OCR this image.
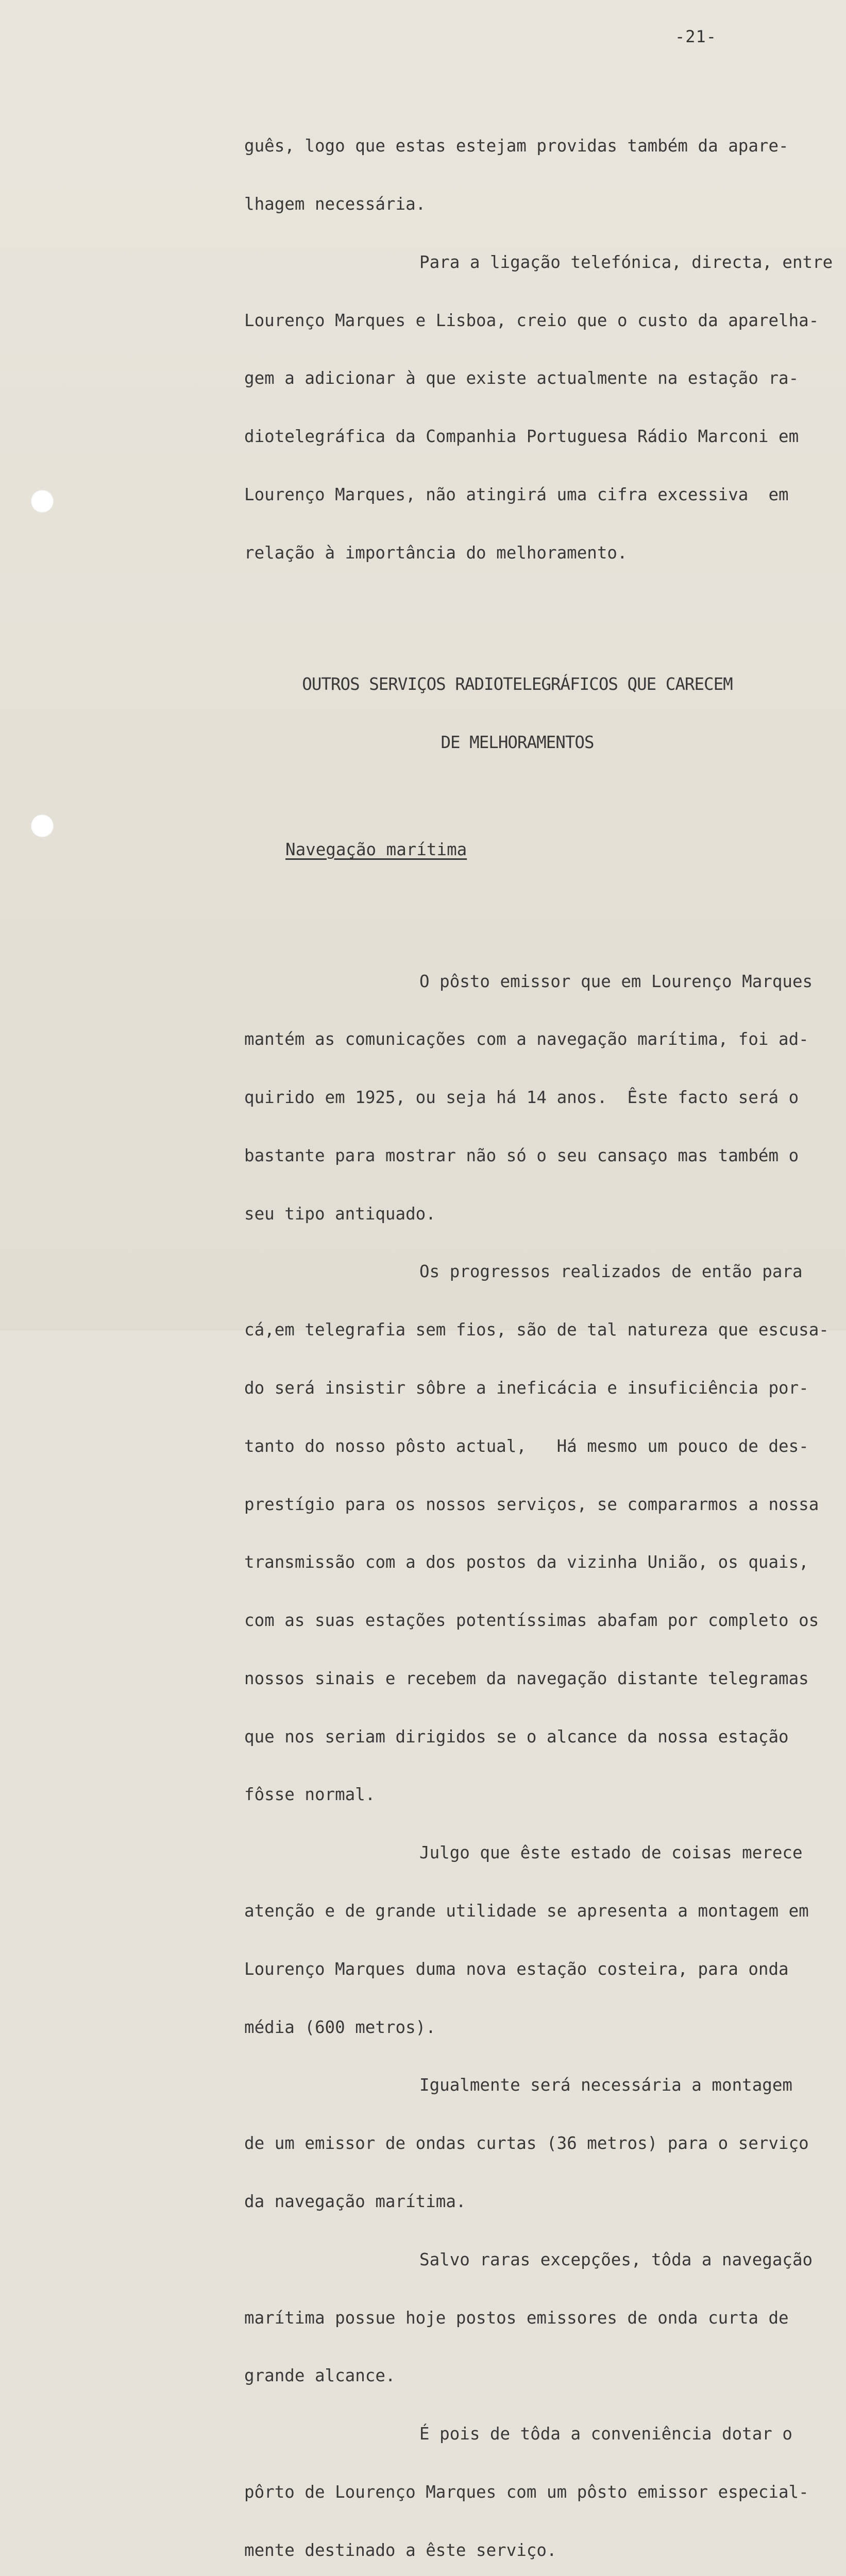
-21-

guês, logo que estas estejam providas também da apare-

lhagem necessária.

Para a ligação telefónica, directa, entre

Lourenço Marques e Lisboa, creio que o custo da aparelha-

gem a adicionar à que existe actualmente na estação ra-

diotelegráfica da Companhia Portuguesa Rádio Marconi em

Lourenço Marques, não atingirá uma cifra excessiva  em

relação à importância do melhoramento.

OUTROS SERVIÇOS RADIOTELEGRÁFICOS QUE CARECEM

DE MELHORAMENTOS

Navegação marítima

O pôsto emissor que em Lourenço Marques

mantém as comunicações com a navegação marítima, foi ad-

quirido em 1925, ou seja há 14 anos.  Êste facto será o

bastante para mostrar não só o seu cansaço mas também o

seu tipo antiquado.

Os progressos realizados de então para

cá,em telegrafia sem fios, são de tal natureza que escusa-

do será insistir sôbre a ineficácia e insuficiência por-

tanto do nosso pôsto actual,   Há mesmo um pouco de des-

prestígio para os nossos serviços, se compararmos a nossa

transmissão com a dos postos da vizinha União, os quais,

com as suas estações potentíssimas abafam por completo os

nossos sinais e recebem da navegação distante telegramas

que nos seriam dirigidos se o alcance da nossa estação

fôsse normal.

Julgo que êste estado de coisas merece

atenção e de grande utilidade se apresenta a montagem em

Lourenço Marques duma nova estação costeira, para onda

média (600 metros).

Igualmente será necessária a montagem

de um emissor de ondas curtas (36 metros) para o serviço

da navegação marítima.

Salvo raras excepções, tôda a navegação

marítima possue hoje postos emissores de onda curta de

grande alcance.

É pois de tôda a conveniência dotar o

pôrto de Lourenço Marques com um pôsto emissor especial-

mente destinado a êste serviço.
